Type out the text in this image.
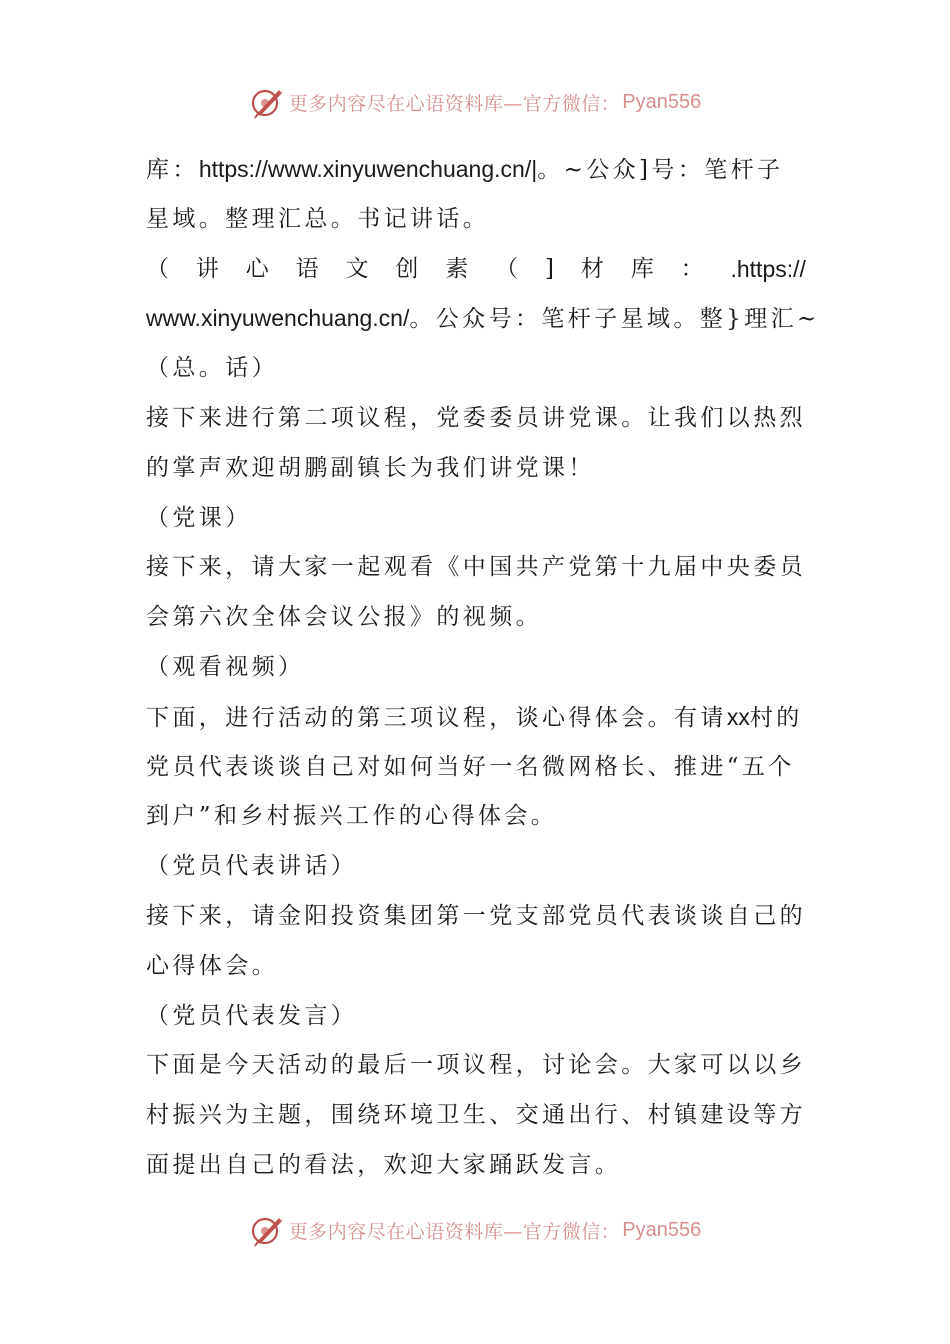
更多内容尽在心语资料库—官方微信： Pyan556
库：https://www.xinyuwenchuang.cn/|。~公众]号：笔杆子
星域。整理汇总。书记讲话。
（ 讲 心 语 文 创 素 （ ] 材 库 ： .https://
www.xinyuwenchuang.cn/。公众号：笔杆子星域。整}理汇~
（总。话）
接下来进行第二项议程，党委委员讲党课。让我们以热烈
的掌声欢迎胡鹏副镇长为我们讲党课！
（党课）
接下来，请大家一起观看《中国共产党第十九届中央委员
会第六次全体会议公报》的视频。
（观看视频）
下面，进行活动的第三项议程，谈心得体会。有请xx村的
党员代表谈谈自己对如何当好一名微网格长、推进“五个
到户”和乡村振兴工作的心得体会。
（党员代表讲话）
接下来，请金阳投资集团第一党支部党员代表谈谈自己的
心得体会。
（党员代表发言）
下面是今天活动的最后一项议程，讨论会。大家可以以乡
村振兴为主题，围绕环境卫生、交通出行、村镇建设等方
面提出自己的看法，欢迎大家踊跃发言。
更多内容尽在心语资料库—官方微信： Pyan556
